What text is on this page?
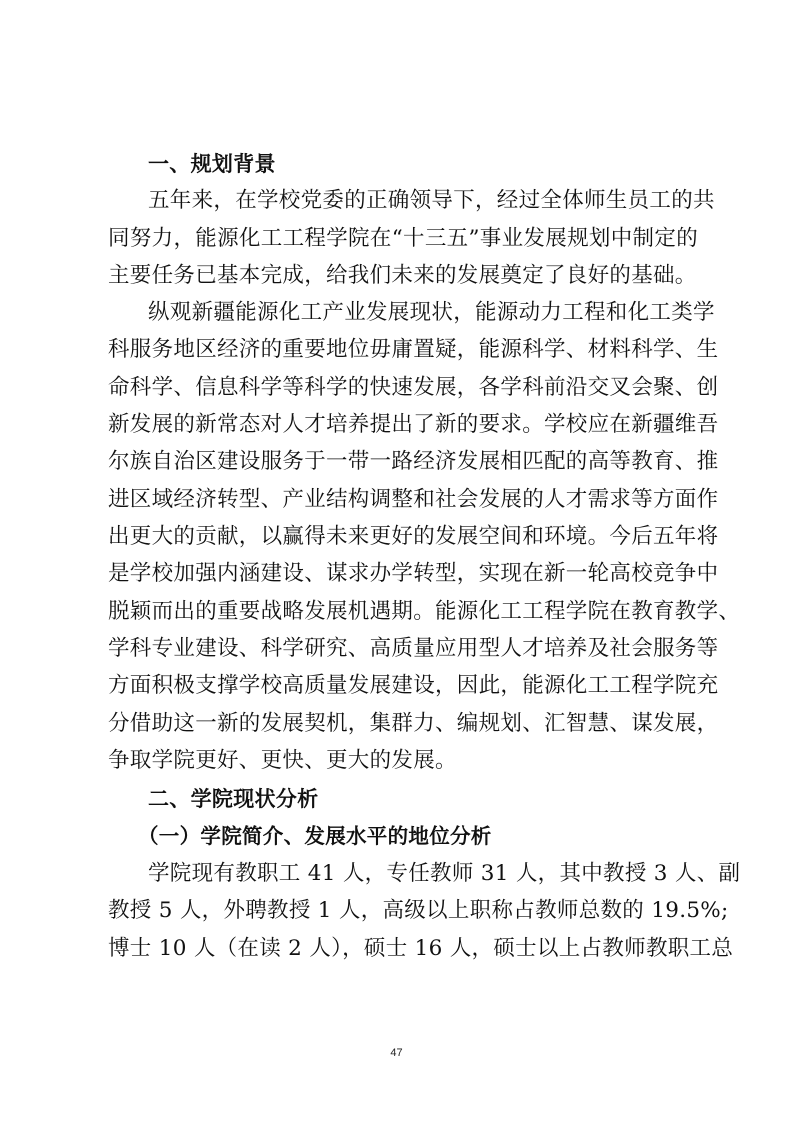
一、规划背景
五年来，在学校党委的正确领导下，经过全体师生员工的共
同努力，能源化工工程学院在“十三五”事业发展规划中制定的
主要任务已基本完成，给我们未来的发展奠定了良好的基础。
纵观新疆能源化工产业发展现状，能源动力工程和化工类学
科服务地区经济的重要地位毋庸置疑，能源科学、材料科学、生
命科学、信息科学等科学的快速发展，各学科前沿交叉会聚、创
新发展的新常态对人才培养提出了新的要求。学校应在新疆维吾
尔族自治区建设服务于一带一路经济发展相匹配的高等教育、推
进区域经济转型、产业结构调整和社会发展的人才需求等方面作
出更大的贡献，以赢得未来更好的发展空间和环境。今后五年将
是学校加强内涵建设、谋求办学转型，实现在新一轮高校竞争中
脱颖而出的重要战略发展机遇期。能源化工工程学院在教育教学、
学科专业建设、科学研究、高质量应用型人才培养及社会服务等
方面积极支撑学校高质量发展建设，因此，能源化工工程学院充
分借助这一新的发展契机，集群力、编规划、汇智慧、谋发展，
争取学院更好、更快、更大的发展。
二、学院现状分析
（一）学院简介、发展水平的地位分析
学院现有教职工 41 人，专任教师 31 人，其中教授 3 人、副
教授 5 人，外聘教授 1 人，高级以上职称占教师总数的 19.5%;
博士 10 人（在读 2 人），硕士 16 人，硕士以上占教师教职工总
47
